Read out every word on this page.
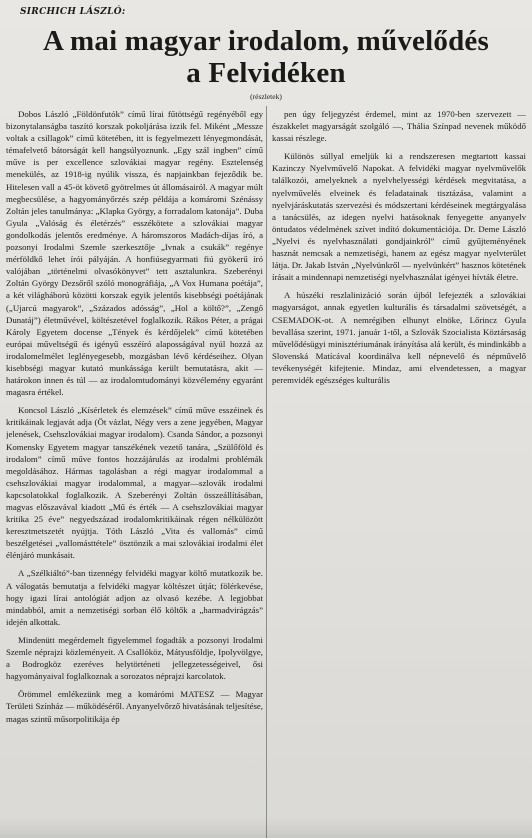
SIRCHICH LÁSZLÓ:
A mai magyar irodalom, művelődés
a Felvidéken
(részletek)

Dobos László „Földönfutók” című lírai fűtöttségű regényéből egy bizonytalanságba taszító korszak pokoljárása izzik fel. Miként „Messze voltak a csillagok” című kötetében, itt is fegyelmezett lényegmondását, témafelvető bátorságát kell hangsúlyoznunk. „Egy szál ingben” című műve is per excellence szlovákiai magyar regény. Esztelenség menekülés, az 1918-ig nyúlik vissza, és napjainkban fejeződik be. Hitelesen vall a 45-öt követő gyötrelmes út állomásairól. A magyar múlt megbecsülése, a hagyományőrzés szép példája a komáromi Szénássy Zoltán jeles tanulmánya: „Klapka György, a forradalom katonája”. Duba Gyula „Valóság és életérzés” esszékötete a szlovákiai magyar gondolkodás jelentős eredménye. A háromszoros Madách-díjas író, a pozsonyi Irodalmi Szemle szerkesztője „Ivnak a csukák” regénye mérföldkő lehet írói pályáján. A honfiúsegyarmati fiú gyökerű író valójában „történelmi olvasókönyvet” tett asztalunkra. Szeberényi Zoltán György Dezsőről szóló monográfiája, „A Vox Humana poétája”, a két világháború közötti korszak egyik jelentős kisebbségi poétájának („Ujarcú magyarok”, „Százados adósság”, „Hol a költő?”, „Zengő Dunatáj”) életművével, költészetével foglalkozik. Rákos Péter, a prágai Károly Egyetem docense „Tények és kérdőjelek” című kötetében európai műveltségű és igényű esszéíró alaposságával nyúl hozzá az irodalomelmélet leglényegesebb, mozgásban lévő kérdéseihez. Olyan kisebbségi magyar kutató munkássága került bemutatásra, akit — határokon innen és túl — az irodalomtudományi közvélemény egyaránt magasra értékel.

Koncsol László „Kísérletek és elemzések” című műve esszéinek és kritikáinak legjavát adja (Öt vázlat, Négy vers a zene jegyében, Magyar jelenések, Csehszlovákiai magyar irodalom). Csanda Sándor, a pozsonyi Komensky Egyetem magyar tanszékének vezető tanára, „Szülőföld és irodalom” című műve fontos hozzájárulás az irodalmi problémák megoldásához. Hármas tagolásban a régi magyar irodalommal a csehszlovákiai magyar irodalommal, a magyar—szlovák irodalmi kapcsolatokkal foglalkozik. A Szeberényi Zoltán összeállításában, magvas előszavával kiadott „Mű és érték — A csehszlovákiai magyar kritika 25 éve” negyedszázad irodalomkritikáinak régen nélkülözött keresztmetszetét nyújtja. Tóth László „Vita és vallomás” című beszélgetései „vallomásttétele” ösztönzik a mai szlovákiai irodalmi élet élénjáró munkásait.

A „Szélkiáltó”-ban tizennégy felvidéki magyar költő mutatkozik be. A válogatás bemutatja a felvidéki magyar költészet útját; fölérkevése, hogy igazi lírai antológiát adjon az olvasó kezébe. A legjobbat mindabból, amit a nemzetiségi sorban élő költők a „harmadvirágzás” idején alkottak.

Mindenütt megérdemelt figyelemmel fogadták a pozsonyi Irodalmi Szemle néprajzi közleményeit. A Csallóköz, Mátyusföldje, Ipolyvölgye, a Bodrogköz ezeréves helytörténeti jellegzetességeivel, ősi hagyományaival foglalkoznak a sorozatos néprajzi karcolatok.

Örömmel emlékezünk meg a komárómi MATESZ — Magyar Területi Színház — működéséről. Anyanyelvőrző hivatásának teljesítése, magas szintű műsorpolitikája ép

pen úgy feljegyzést érdemel, mint az 1970-ben szervezett — északkelet magyarságát szolgáló —, Thália Színpad nevenek működő kassai részlege.

Különös súllyal emeljük ki a rendszeresen megtartott kassai Kazinczy Nyelvművelő Napokat. A felvidéki magyar nyelvművelők találkozói, amelyeknek a nyelvhelyességi kérdések megvitatása, a nyelvművelés elveinek és feladatainak tisztázása, valamint a nyelvjáráskutatás szervezési és módszertani kérdéseinek megtárgyalása a tanácsülés, az idegen nyelvi hatásoknak fenyegette anyanyelv öntudatos védelmének szívet indító dokumentációja. Dr. Deme László „Nyelvi és nyelvhasználati gondjainkról” című gyűjteményének hasznát nemcsak a nemzetiségi, hanem az egész magyar nyelvterület látja. Dr. Jakab István „Nyelvünkről — nyelvünkért” hasznos kötetének írásait a mindennapi nemzetiségi nyelvhasználat igényei hívták életre.

A húszéki reszlalinizáció során újból lefejezték a szlovákiai magyarságot, annak egyetlen kulturális és társadalmi szövetségét, a CSEMADOK-ot. A nemrégiben elhunyt elnöke, Lőrincz Gyula bevallása szerint, 1971. január 1-től, a Szlovák Szocialista Köztársaság művelődésügyi minisztériumának irányítása alá került, és mindinkább a Slovenská Matícával koordinálva kell népnevelő és népművelő tevékenységét kifejtenie. Mindaz, ami elvendetessen, a magyar peremvidék egészséges kulturális
